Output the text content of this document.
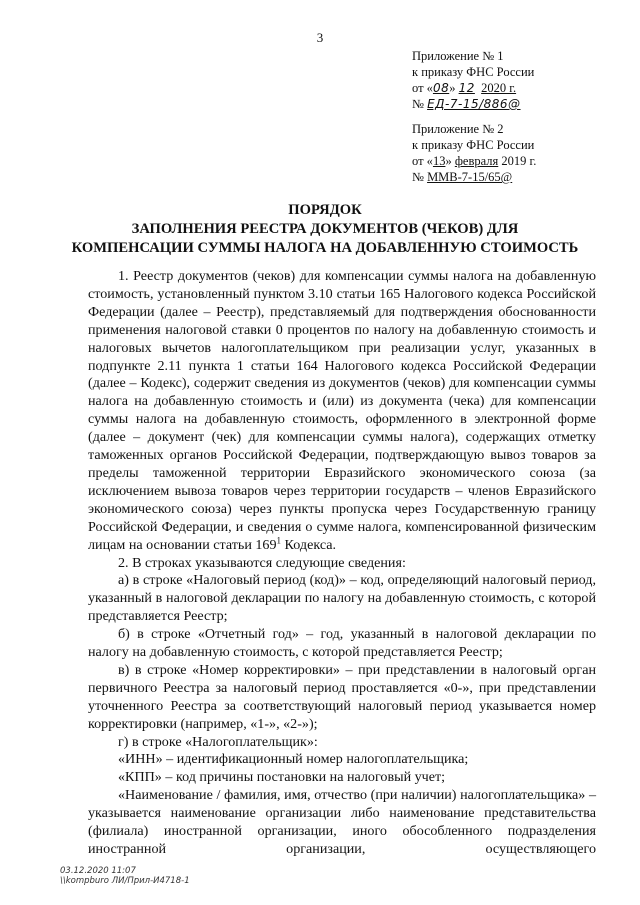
3
Приложение № 1
к приказу ФНС России
от «08» 12 2020 г.
№ ЕД-7-15/886@
Приложение № 2
к приказу ФНС России
от «13» февраля 2019 г.
№ ММВ-7-15/65@
ПОРЯДОК
ЗАПОЛНЕНИЯ РЕЕСТРА ДОКУМЕНТОВ (ЧЕКОВ) ДЛЯ
КОМПЕНСАЦИИ СУММЫ НАЛОГА НА ДОБАВЛЕННУЮ СТОИМОСТЬ

1. Реестр документов (чеков) для компенсации суммы налога на добавленную стоимость, установленный пунктом 3.10 статьи 165 Налогового кодекса Российской Федерации (далее – Реестр), представляемый для подтверждения обоснованности применения налоговой ставки 0 процентов по налогу на добавленную стоимость и налоговых вычетов налогоплательщиком при реализации услуг, указанных в подпункте 2.11 пункта 1 статьи 164 Налогового кодекса Российской Федерации (далее – Кодекс), содержит сведения из документов (чеков) для компенсации суммы налога на добавленную стоимость и (или) из документа (чека) для компенсации суммы налога на добавленную стоимость, оформленного в электронной форме (далее – документ (чек) для компенсации суммы налога), содержащих отметку таможенных органов Российской Федерации, подтверждающую вывоз товаров за пределы таможенной территории Евразийского экономического союза (за исключением вывоза товаров через территории государств – членов Евразийского экономического союза) через пункты пропуска через Государственную границу Российской Федерации, и сведения о сумме налога, компенсированной физическим лицам на основании статьи $169^1$ Кодекса.

2. В строках указываются следующие сведения:

а) в строке «Налоговый период (код)» – код, определяющий налоговый период, указанный в налоговой декларации по налогу на добавленную стоимость, с которой представляется Реестр;

б) в строке «Отчетный год» – год, указанный в налоговой декларации по налогу на добавленную стоимость, с которой представляется Реестр;

в) в строке «Номер корректировки» – при представлении в налоговый орган первичного Реестра за налоговый период проставляется «0-», при представлении уточненного Реестра за соответствующий налоговый период указывается номер корректировки (например, «1-», «2-»);

г) в строке «Налогоплательщик»:

«ИНН» – идентификационный номер налогоплательщика;

«КПП» – код причины постановки на налоговый учет;

«Наименование / фамилия, имя, отчество (при наличии) налогоплательщика» – указывается наименование организации либо наименование представительства (филиала) иностранной организации, иного обособленного подразделения иностранной организации, осуществляющего

03.12.2020 11:07
\\kompburo ЛИ/Прил-И4718-1
